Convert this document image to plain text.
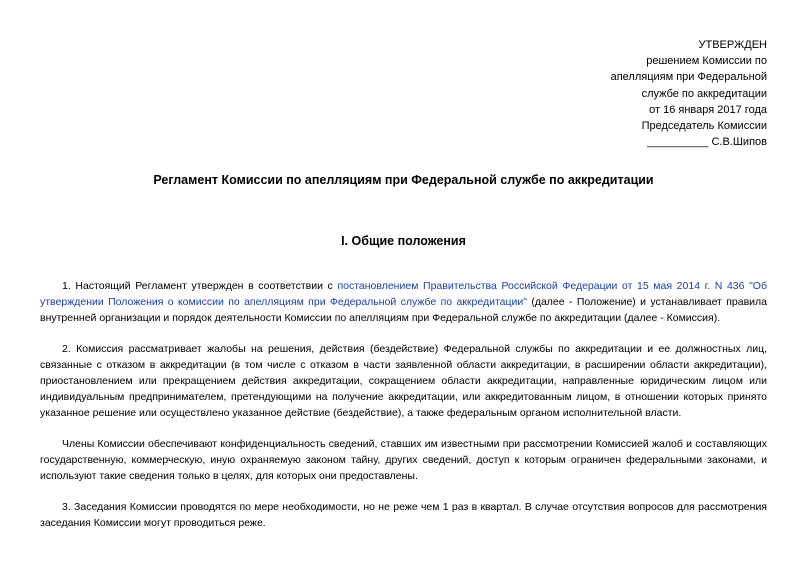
УТВЕРЖДЕН
решением Комиссии по
апелляциям при Федеральной
службе по аккредитации
от 16 января 2017 года
Председатель Комиссии
__________ С.В.Шипов
Регламент Комиссии по апелляциям при Федеральной службе по аккредитации
I. Общие положения
1. Настоящий Регламент утвержден в соответствии с постановлением Правительства Российской Федерации от 15 мая 2014 г. N 436 "Об утверждении Положения о комиссии по апелляциям при Федеральной службе по аккредитации" (далее - Положение) и устанавливает правила внутренней организации и порядок деятельности Комиссии по апелляциям при Федеральной службе по аккредитации (далее - Комиссия).
2. Комиссия рассматривает жалобы на решения, действия (бездействие) Федеральной службы по аккредитации и ее должностных лиц, связанные с отказом в аккредитации (в том числе с отказом в части заявленной области аккредитации, в расширении области аккредитации), приостановлением или прекращением действия аккредитации, сокращением области аккредитации, направленные юридическим лицом или индивидуальным предпринимателем, претендующими на получение аккредитации, или аккредитованным лицом, в отношении которых принято указанное решение или осуществлено указанное действие (бездействие), а также федеральным органом исполнительной власти.
Члены Комиссии обеспечивают конфиденциальность сведений, ставших им известными при рассмотрении Комиссией жалоб и составляющих государственную, коммерческую, иную охраняемую законом тайну, других сведений, доступ к которым ограничен федеральными законами, и используют такие сведения только в целях, для которых они предоставлены.
3. Заседания Комиссии проводятся по мере необходимости, но не реже чем 1 раз в квартал. В случае отсутствия вопросов для рассмотрения заседания Комиссии могут проводиться реже.
